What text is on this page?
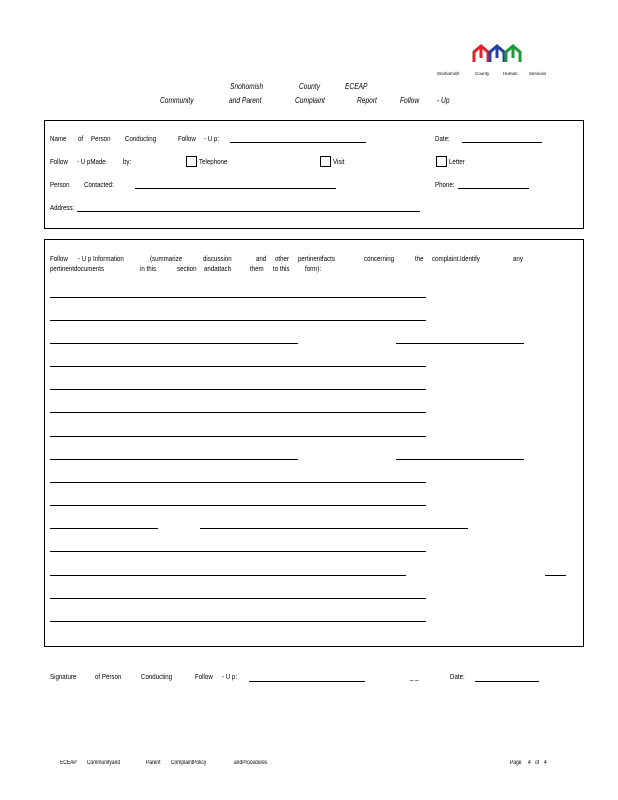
Snohomish	County	Human	Services
Snohomish	County	ECEAP
Community	and Parent	Complaint	Report	Follow - Up
Name of Person Conducting	Follow - U p:	Date:
Follow - U pMade by:	Telephone	Visit	Letter
Person Contacted:	Phone:
Address:
Follow - U p Information	(summarize	discussion	and other pertinentfacts	concerning	the complaint.Identify	any
pertinentdocuments	in this	section andattach	them to this form):
Signature of Person	Conducting	Follow - U p:	_ _	Date:
ECEAP Communityand	Parent ComplaintPolicy	andProcedures	Page 4 of 4
